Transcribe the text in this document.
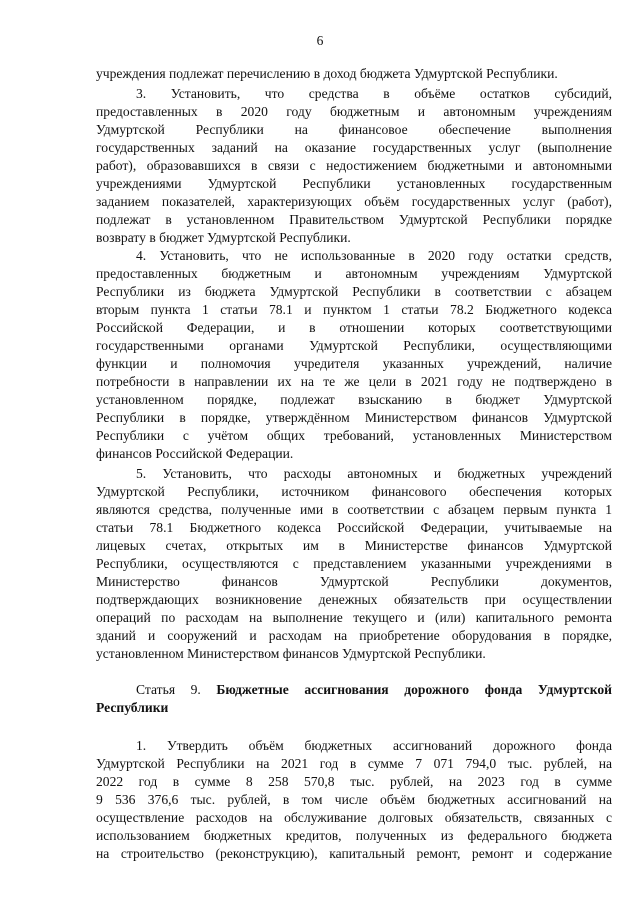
6
учреждения подлежат перечислению в доход бюджета Удмуртской Республики.
3. Установить, что средства в объёме остатков субсидий,
предоставленных в 2020 году бюджетным и автономным учреждениям
Удмуртской Республики на финансовое обеспечение выполнения
государственных заданий на оказание государственных услуг (выполнение
работ), образовавшихся в связи с недостижением бюджетными и автономными
учреждениями Удмуртской Республики установленных государственным
заданием показателей, характеризующих объём государственных услуг (работ),
подлежат в установленном Правительством Удмуртской Республики порядке
возврату в бюджет Удмуртской Республики.
4. Установить, что не использованные в 2020 году остатки средств,
предоставленных бюджетным и автономным учреждениям Удмуртской
Республики из бюджета Удмуртской Республики в соответствии с абзацем
вторым пункта 1 статьи 78.1 и пунктом 1 статьи 78.2 Бюджетного кодекса
Российской Федерации, и в отношении которых соответствующими
государственными органами Удмуртской Республики, осуществляющими
функции и полномочия учредителя указанных учреждений, наличие
потребности в направлении их на те же цели в 2021 году не подтверждено в
установленном порядке, подлежат взысканию в бюджет Удмуртской
Республики в порядке, утверждённом Министерством финансов Удмуртской
Республики с учётом общих требований, установленных Министерством
финансов Российской Федерации.
5. Установить, что расходы автономных и бюджетных учреждений
Удмуртской Республики, источником финансового обеспечения которых
являются средства, полученные ими в соответствии с абзацем первым пункта 1
статьи 78.1 Бюджетного кодекса Российской Федерации, учитываемые на
лицевых счетах, открытых им в Министерстве финансов Удмуртской
Республики, осуществляются с представлением указанными учреждениями в
Министерство финансов Удмуртской Республики документов,
подтверждающих возникновение денежных обязательств при осуществлении
операций по расходам на выполнение текущего и (или) капитального ремонта
зданий и сооружений и расходам на приобретение оборудования в порядке,
установленном Министерством финансов Удмуртской Республики.
Статья 9. Бюджетные ассигнования дорожного фонда Удмуртской
Республики
1. Утвердить объём бюджетных ассигнований дорожного фонда
Удмуртской Республики на 2021 год в сумме 7 071 794,0 тыс. рублей, на
2022 год в сумме 8 258 570,8 тыс. рублей, на 2023 год в сумме
9 536 376,6 тыс. рублей, в том числе объём бюджетных ассигнований на
осуществление расходов на обслуживание долговых обязательств, связанных с
использованием бюджетных кредитов, полученных из федерального бюджета
на строительство (реконструкцию), капитальный ремонт, ремонт и содержание
